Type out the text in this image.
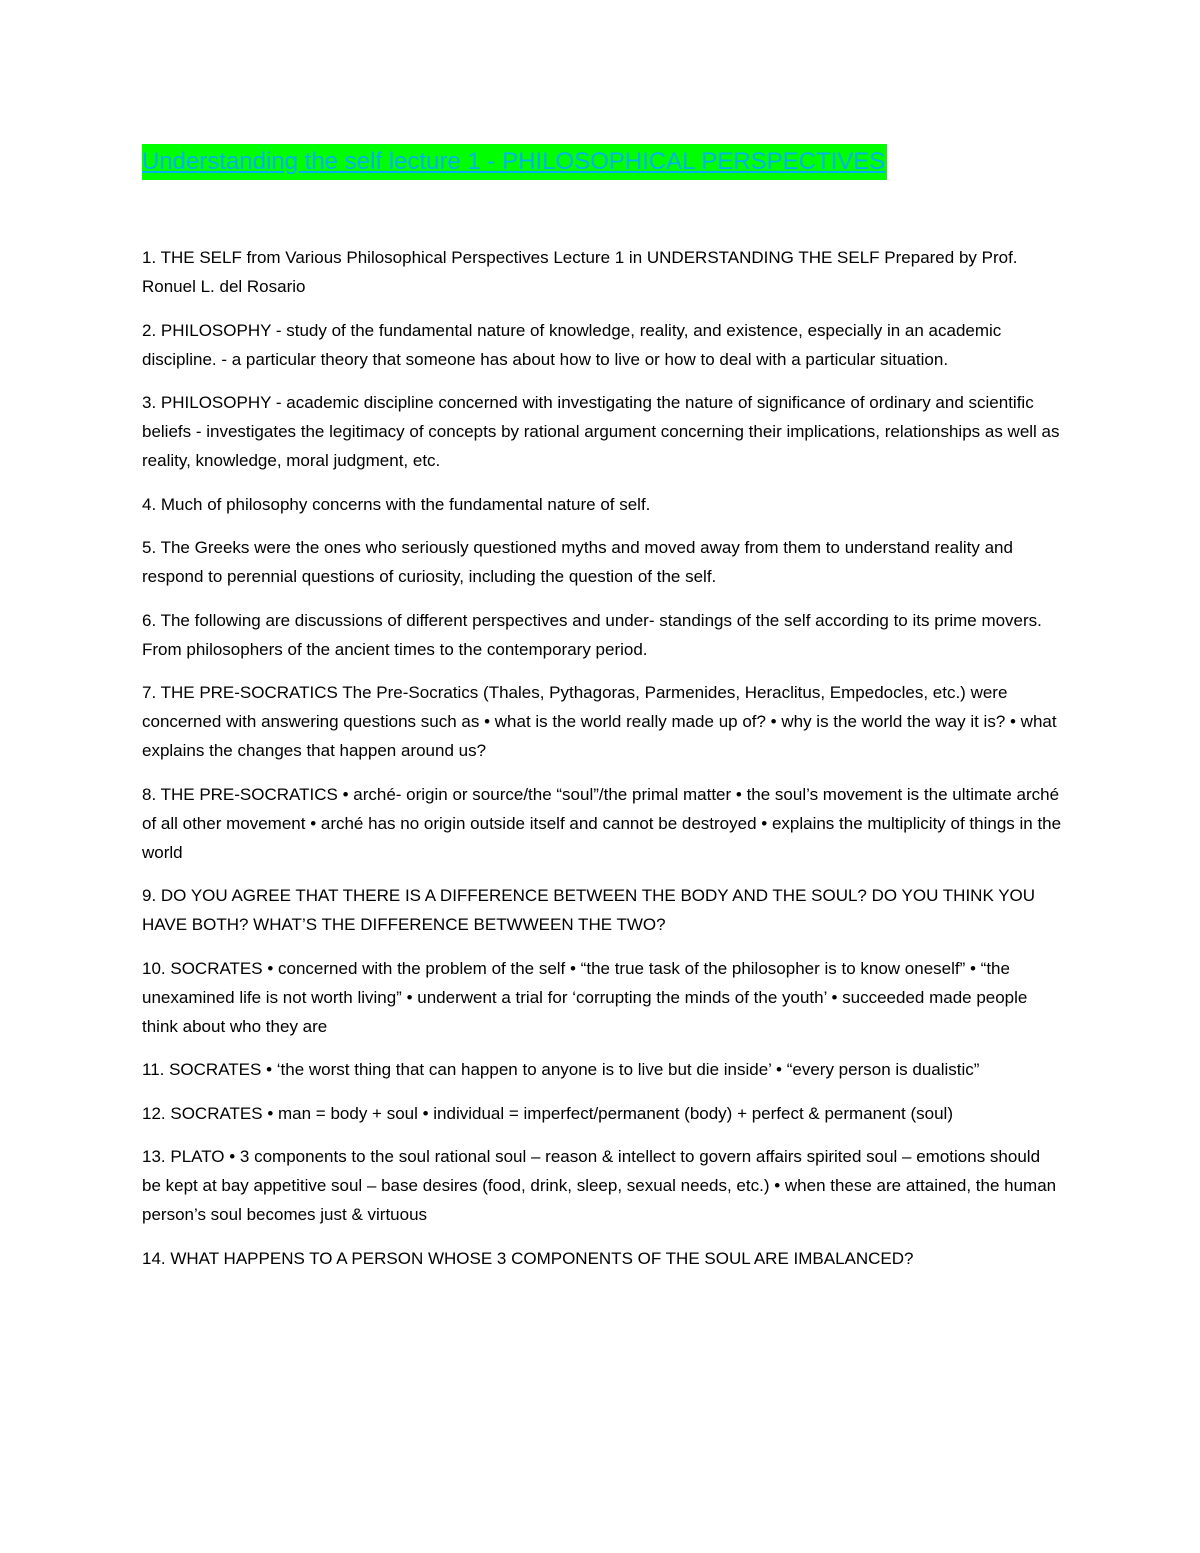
Understanding the self lecture 1 - PHILOSOPHICAL PERSPECTIVES

1. THE SELF from Various Philosophical Perspectives Lecture 1 in UNDERSTANDING THE SELF Prepared by Prof. Ronuel L. del Rosario

2. PHILOSOPHY - study of the fundamental nature of knowledge, reality, and existence, especially in an academic discipline. - a particular theory that someone has about how to live or how to deal with a particular situation.

3. PHILOSOPHY - academic discipline concerned with investigating the nature of significance of ordinary and scientific beliefs - investigates the legitimacy of concepts by rational argument concerning their implications, relationships as well as reality, knowledge, moral judgment, etc.

4. Much of philosophy concerns with the fundamental nature of self.

5. The Greeks were the ones who seriously questioned myths and moved away from them to understand reality and respond to perennial questions of curiosity, including the question of the self.

6. The following are discussions of different perspectives and under- standings of the self according to its prime movers. From philosophers of the ancient times to the contemporary period.

7. THE PRE-SOCRATICS The Pre-Socratics (Thales, Pythagoras, Parmenides, Heraclitus, Empedocles, etc.) were concerned with answering questions such as • what is the world really made up of? • why is the world the way it is? • what explains the changes that happen around us?

8. THE PRE-SOCRATICS • arché- origin or source/the “soul”/the primal matter • the soul’s movement is the ultimate arché of all other movement • arché has no origin outside itself and cannot be destroyed • explains the multiplicity of things in the world

9. DO YOU AGREE THAT THERE IS A DIFFERENCE BETWEEN THE BODY AND THE SOUL? DO YOU THINK YOU HAVE BOTH? WHAT’S THE DIFFERENCE BETWWEEN THE TWO?

10. SOCRATES • concerned with the problem of the self • “the true task of the philosopher is to know oneself” • “the unexamined life is not worth living” • underwent a trial for ‘corrupting the minds of the youth’ • succeeded made people think about who they are

11. SOCRATES • ‘the worst thing that can happen to anyone is to live but die inside’ • “every person is dualistic”

12. SOCRATES • man = body + soul • individual = imperfect/permanent (body) + perfect & permanent (soul)

13. PLATO • 3 components to the soul rational soul – reason & intellect to govern affairs spirited soul – emotions should be kept at bay appetitive soul – base desires (food, drink, sleep, sexual needs, etc.) • when these are attained, the human person’s soul becomes just & virtuous

14. WHAT HAPPENS TO A PERSON WHOSE 3 COMPONENTS OF THE SOUL ARE IMBALANCED?
